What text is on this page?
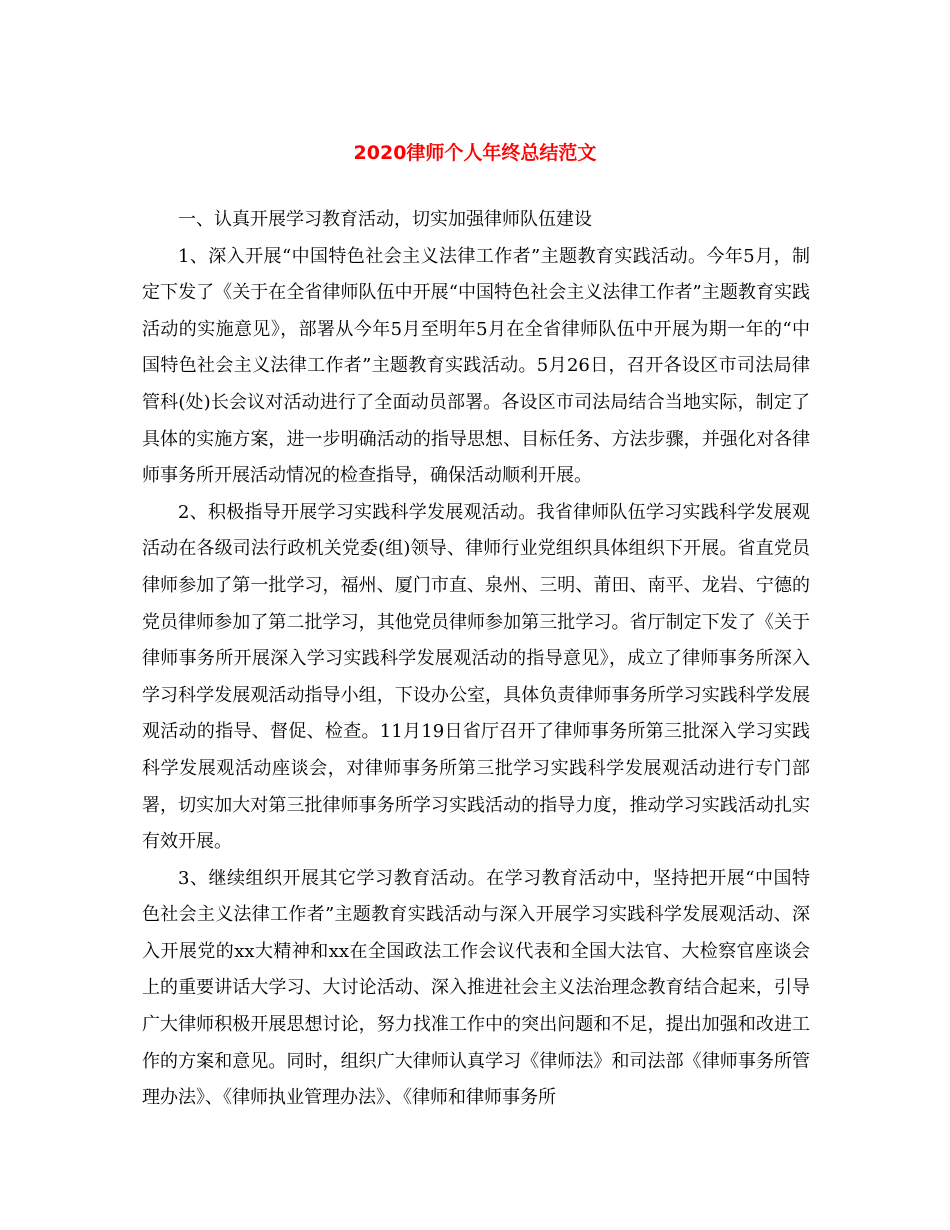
2020律师个人年终总结范文

一、认真开展学习教育活动，切实加强律师队伍建设

1、深入开展“中国特色社会主义法律工作者”主题教育实践活动。今年5月，制定下发了《关于在全省律师队伍中开展“中国特色社会主义法律工作者”主题教育实践活动的实施意见》，部署从今年5月至明年5月在全省律师队伍中开展为期一年的“中国特色社会主义法律工作者”主题教育实践活动。5月26日，召开各设区市司法局律管科(处)长会议对活动进行了全面动员部署。各设区市司法局结合当地实际，制定了具体的实施方案，进一步明确活动的指导思想、目标任务、方法步骤，并强化对各律师事务所开展活动情况的检查指导，确保活动顺利开展。

2、积极指导开展学习实践科学发展观活动。我省律师队伍学习实践科学发展观活动在各级司法行政机关党委(组)领导、律师行业党组织具体组织下开展。省直党员律师参加了第一批学习，福州、厦门市直、泉州、三明、莆田、南平、龙岩、宁德的党员律师参加了第二批学习，其他党员律师参加第三批学习。省厅制定下发了《关于律师事务所开展深入学习实践科学发展观活动的指导意见》，成立了律师事务所深入学习科学发展观活动指导小组，下设办公室，具体负责律师事务所学习实践科学发展观活动的指导、督促、检查。11月19日省厅召开了律师事务所第三批深入学习实践科学发展观活动座谈会，对律师事务所第三批学习实践科学发展观活动进行专门部署，切实加大对第三批律师事务所学习实践活动的指导力度，推动学习实践活动扎实有效开展。

3、继续组织开展其它学习教育活动。在学习教育活动中，坚持把开展“中国特色社会主义法律工作者”主题教育实践活动与深入开展学习实践科学发展观活动、深入开展党的xx大精神和xx在全国政法工作会议代表和全国大法官、大检察官座谈会上的重要讲话大学习、大讨论活动、深入推进社会主义法治理念教育结合起来，引导广大律师积极开展思想讨论，努力找准工作中的突出问题和不足，提出加强和改进工作的方案和意见。同时，组织广大律师认真学习《律师法》和司法部《律师事务所管理办法》、《律师执业管理办法》、《律师和律师事务所
